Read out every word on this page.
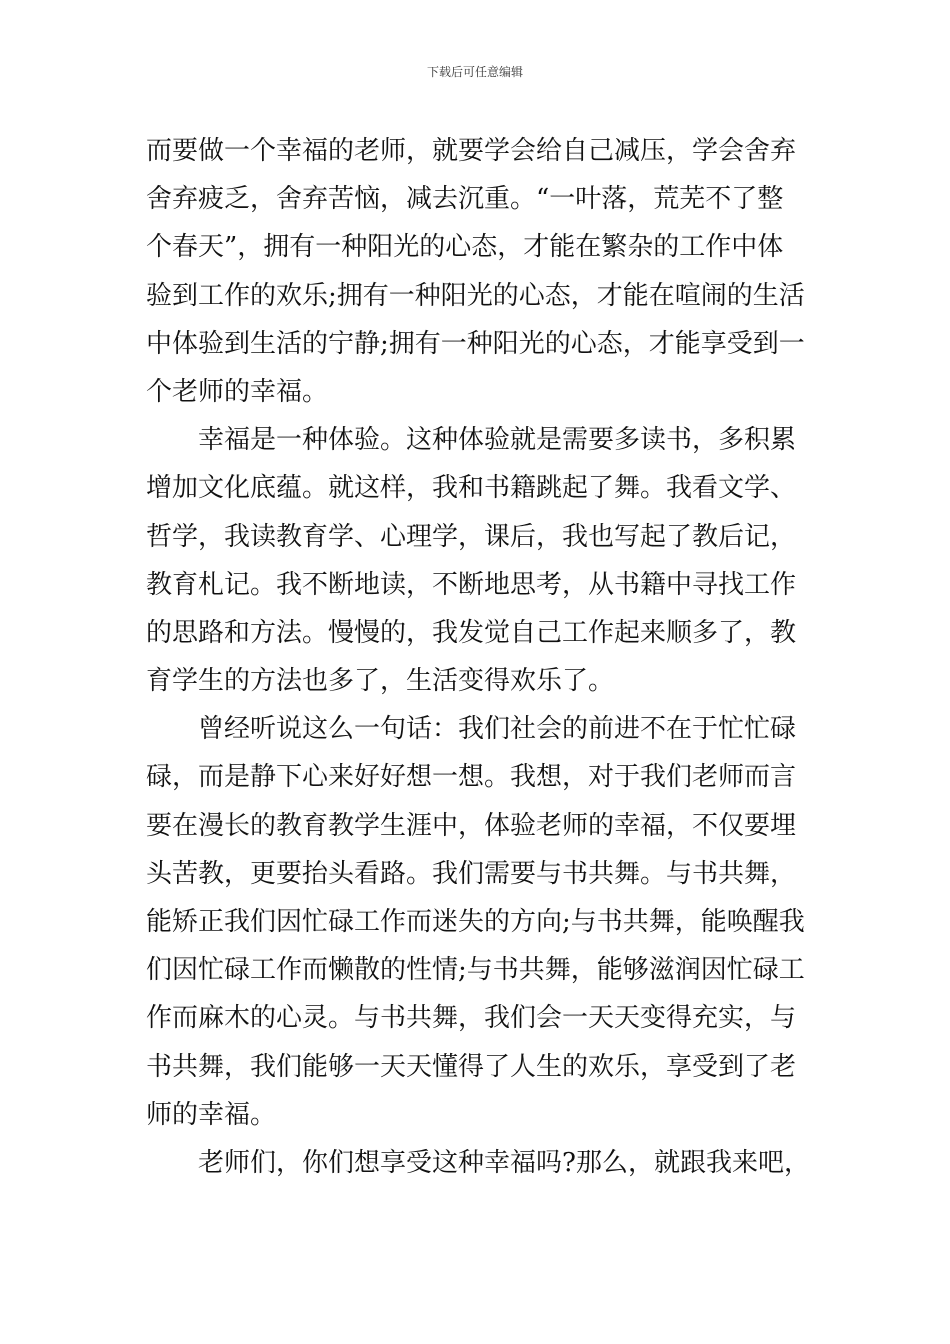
下载后可任意编辑
而要做一个幸福的老师，就要学会给自己减压，学会舍弃
舍弃疲乏，舍弃苦恼，减去沉重。“一叶落，荒芜不了整
个春天”，拥有一种阳光的心态，才能在繁杂的工作中体
验到工作的欢乐;拥有一种阳光的心态，才能在喧闹的生活
中体验到生活的宁静;拥有一种阳光的心态，才能享受到一
个老师的幸福。
幸福是一种体验。这种体验就是需要多读书，多积累
增加文化底蕴。就这样，我和书籍跳起了舞。我看文学、
哲学，我读教育学、心理学，课后，我也写起了教后记，
教育札记。我不断地读，不断地思考，从书籍中寻找工作
的思路和方法。慢慢的，我发觉自己工作起来顺多了，教
育学生的方法也多了，生活变得欢乐了。
曾经听说这么一句话：我们社会的前进不在于忙忙碌
碌，而是静下心来好好想一想。我想，对于我们老师而言
要在漫长的教育教学生涯中，体验老师的幸福，不仅要埋
头苦教，更要抬头看路。我们需要与书共舞。与书共舞，
能矫正我们因忙碌工作而迷失的方向;与书共舞，能唤醒我
们因忙碌工作而懒散的性情;与书共舞，能够滋润因忙碌工
作而麻木的心灵。与书共舞，我们会一天天变得充实，与
书共舞，我们能够一天天懂得了人生的欢乐，享受到了老
师的幸福。
老师们，你们想享受这种幸福吗?那么，就跟我来吧，
